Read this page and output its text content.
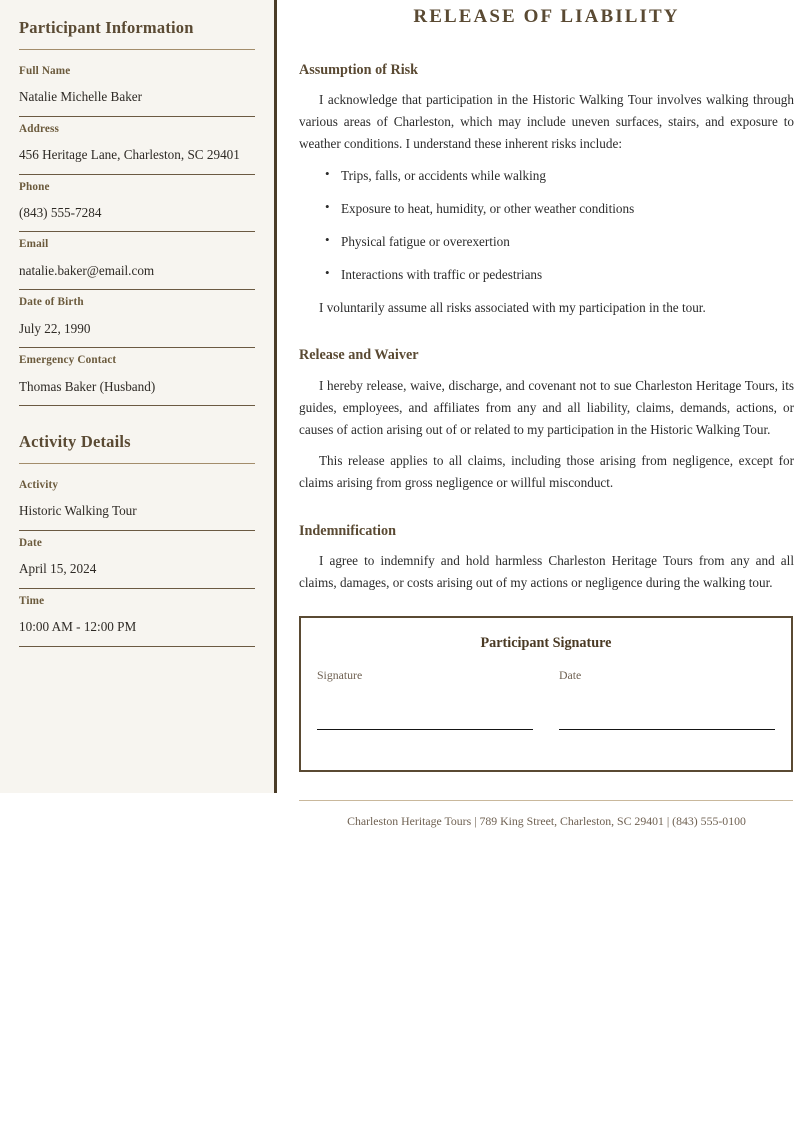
Participant Information
Full Name
Natalie Michelle Baker
Address
456 Heritage Lane, Charleston, SC 29401
Phone
(843) 555-7284
Email
natalie.baker@email.com
Date of Birth
July 22, 1990
Emergency Contact
Thomas Baker (Husband)
Activity Details
Activity
Historic Walking Tour
Date
April 15, 2024
Time
10:00 AM - 12:00 PM
RELEASE OF LIABILITY
Assumption of Risk

I acknowledge that participation in the Historic Walking Tour involves walking through various areas of Charleston, which may include uneven surfaces, stairs, and exposure to weather conditions. I understand these inherent risks include:

• Trips, falls, or accidents while walking
• Exposure to heat, humidity, or other weather conditions
• Physical fatigue or overexertion
• Interactions with traffic or pedestrians

I voluntarily assume all risks associated with my participation in the tour.

Release and Waiver

I hereby release, waive, discharge, and covenant not to sue Charleston Heritage Tours, its guides, employees, and affiliates from any and all liability, claims, demands, actions, or causes of action arising out of or related to my participation in the Historic Walking Tour.

This release applies to all claims, including those arising from negligence, except for claims arising from gross negligence or willful misconduct.

Indemnification

I agree to indemnify and hold harmless Charleston Heritage Tours from any and all claims, damages, or costs arising out of my actions or negligence during the walking tour.

Participant Signature
Signature	Date

Charleston Heritage Tours | 789 King Street, Charleston, SC 29401 | (843) 555-0100
